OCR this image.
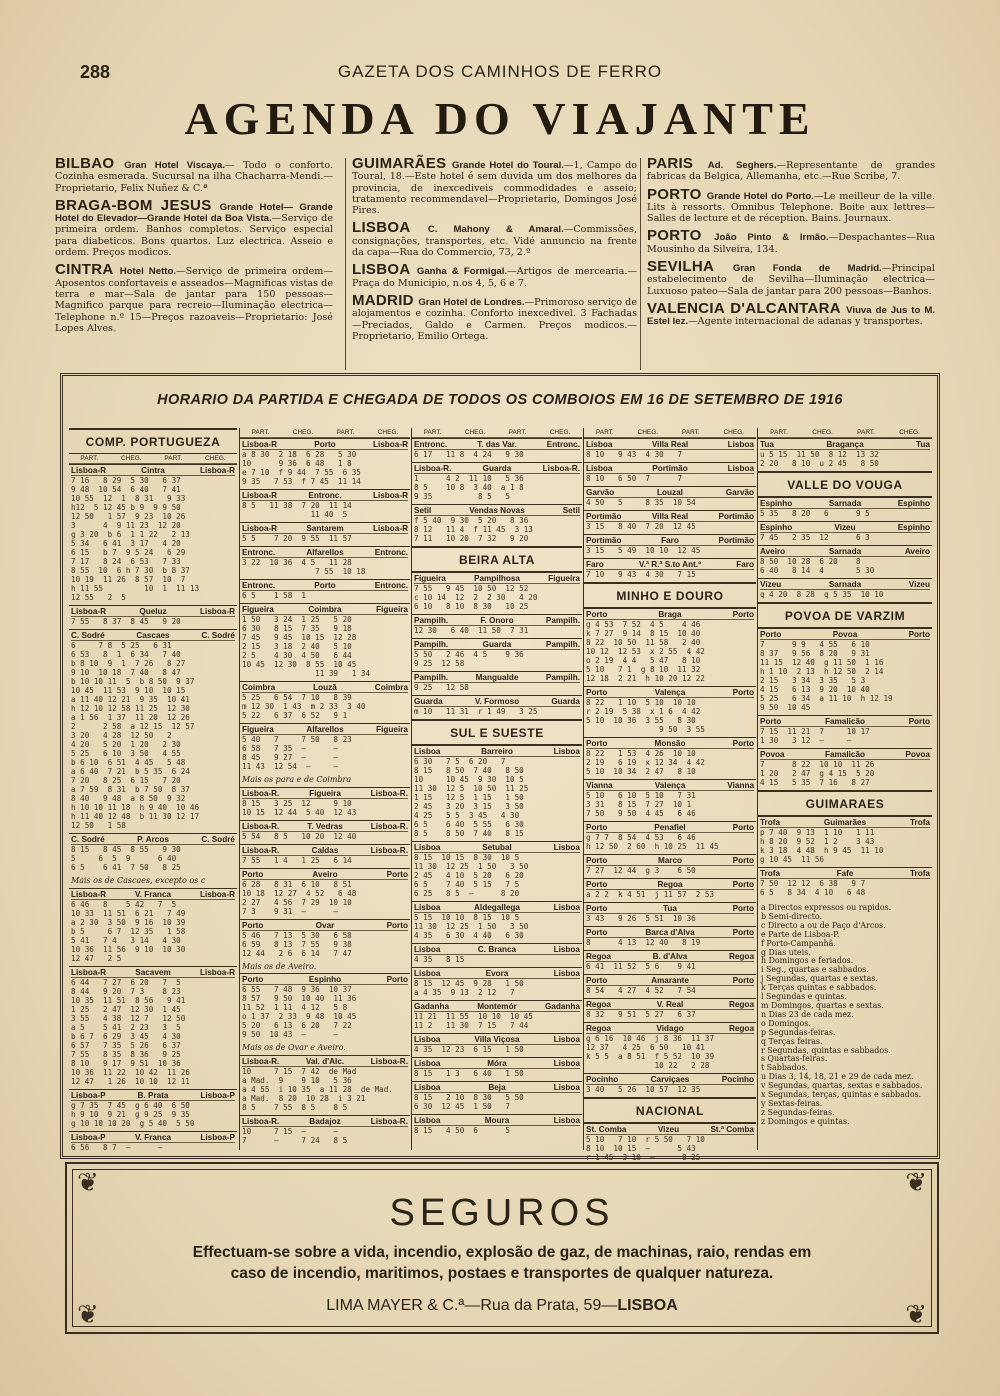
288	GAZETA DOS CAMINHOS DE FERRO
AGENDA DO VIAJANTE
BILBAO Gran Hotel Viscaya.— Todo o conforto. Cozinha esmerada. Sucursal na ilha Chacharra-Mendi.—Proprietario, Felix Nuñez & C.ª
BRAGA-BOM JESUS Grande Hotel— Grande Hotel do Elevador—Grande Hotel da Boa Vista.—Serviço de primeira ordem. Banhos completos. Serviço especial para diabeticos. Bons quartos. Luz electrica. Asseio e ordem. Preços modicos.
CINTRA Hotel Netto.—Serviço de primeira ordem—Aposentos confortaveis e asseados—Magnificas vistas de terra e mar—Sala de jantar para 150 pessoas—Magnifico parque para recreio—Iluminação electrica—Telephone n.º 15—Preços razoaveis—Proprietario: José Lopes Alves.
GUIMARÃES Grande Hotel do Toural.—1, Campo do Toural, 18.—Este hotel é sem duvida um dos melhores da provincia, de inexcediveis commodidades e asseio; tratamento recommendavel—Proprietario, Domingos José Pires.
LISBOA C. Mahony & Amaral.—Commissões, consignações, transportes, etc. Vidé annuncio na frente da capa—Rua do Commercio, 73, 2.º
LISBOA Ganha & Formigal.—Artigos de mercearia.—Praça do Municipio, n.os 4, 5, 6 e 7.
MADRID Gran Hotel de Londres.—Primoroso serviço de alojamentos e cozinha. Conforto inexcedivel. 3 Fachadas—Preciados, Galdo e Carmen. Preços modicos.—Proprietario, Emilio Ortega.
PARIS Ad. Seghers.—Representante de grandes fabricas da Belgica, Allemanha, etc.—Rue Scribe, 7.
PORTO Grande Hotel do Porto.—Le meilleur de la ville. Lits à ressorts. Omnibus Telephone. Boite aux lettres—Salles de lecture et de réception. Bains. Journaux.
PORTO João Pinto & Irmão.—Despachantes—Rua Mousinho da Silveira, 134.
SEVILHA Gran Fonda de Madrid.—Principal estabelecimento de Sevilha—Iluminação electrica—Luxuoso pateo—Sala de jantar para 200 pessoas—Banhos.
VALENCIA D'ALCANTARA Viuva de Jus to M. Estel lez.—Agente internacional de adanas y transportes.
HORARIO DA PARTIDA E CHEGADA DE TODOS OS COMBOIOS EM 16 DE SETEMBRO DE 1916
COMP. PORTUGUEZA
PART.	CHEG.	PART.	CHEG.
Lisboa-R	Cintra	Lisboa-R
7 16   8 29  5 30   6 37
9 48  10 54  6 40   7 41
10 55  12  1  8 31   9 33
h12  5 12 45 b 9  9 9 50
12 50   1 57  9 23  10 26
3      4  9 11 23  12 20
g 3 20  b 6  1 1 22   2 13
5 34   6 41  3 17   4 20
6 15   b 7  9 5 24   6 29
7 17   8 24  6 53   7 33
8 55  10  6 h 7 30  b 8 37
10 19  11 26  8 57  10  7
h 11 55         10  1  11 13
12 55   2  5
Lisboa-R	Queluz	Lisboa-R
7 55   8 37  8 45   9 20
C. Sodré	Cascaes	C. Sodré
6     7 8  5 25   6 31
6 53   8  1  6 34   7 40
b 8 10  9  1  7 26   8 27
9 10  10 18  7 40   8 47
b 10 10 11  5  b 8 50  9 37
10 45  11 53  9 10  10 15
a 11 40 12 21  9 35  10 41
h 12 10 12 58 11 25  12 30
a 1 56  1 37  11 20  12 26
2      2 58  a 12 15  12 57
3 20   4 28  12 50   2
4 20   5 20  1 20   2 30
5 25   6 10  3 50   4 55
b 6 10  6 51  4 45   5 48
a 6 40  7 21  b 5 35  6 24
7 20   8 25  6 15   7 20
a 7 59  8 31  b 7 50  8 37
8 40   9 48  a 8 50  9 32
h 10 10 11 18  h 9 40  10 46
h 11 40 12 48  b 11 30 12 17
12 50   1 58
C. Sodré	P. Arcos	C. Sodré
8 15   8 45  8 55   9 30
5     6  5  9      6 40
6 5    6 41  7 50   8 25
Mais os de Cascaes, excepto os c
Lisboa-R	V. Franca	Lisboa-R
6 46   8    5 42   7  5
10 33  11 51  6 21   7 49
a 2 30  3 50  9 16  10 39
b 5     6 7  12 35   1 58
5 41   7 4   3 14   4 30
10 36  11 56  9 10  10 30
12 47   2 5
Lisboa-R	Sacavem	Lisboa-R
6 44   7 27  6 20   7  5
8 44   9 20  7 3    8 23
10 35  11 51  8 56   9 41
1 25   2 47  12 30  1 45
3 55   4 38  12 7   12 50
a 5    5 41  2 23   3  5
b 6 7  6 29  3 45   4 30
6 57   7 35  5 26   6 37
7 55   8 35  8 36   9 25
8 10   9 17  9 51  10 36
10 36  11 22  10 42  11 26
12 47   1 26  10 10  12 11
Lisboa-P	B. Prata	Lisboa-P
g 7 35  7 45  g 6 40  6 50
h 9 10  9 21  g 9 25  9 35
g 10 10 10 20  g 5 40  5 50
Lisboa-P	V. Franca	Lisboa-P
6 56   8 7  —      —
PART.	CHEG.	PART.	CHEG.
Lisboa-R	Porto	Lisboa-R
a 8 30  2 18  6 28   5 30
10      9 36  6 48   1 8
e 7 10  f 9 44  7 55  6 35
9 35   7 53  f 7 45  11 14
Lisboa-R	Entronc.	Lisboa-R
8 5   11 38  7 20  11 14
11 40  5
Lisboa-R	Santarem	Lisboa-R
5 5    7 20  9 55  11 57
Entronc.	Alfarellos	Entronc.
3 22  10 36  4 5   11 28
7 55  10 18
Entronc.	Porto	Entronc.
6 5    1 58  1
Figueira	Coimbra	Figueira
1 50   3 24  1 25   5 20
6 30   8 15  7 35   9 18
7 45   9 45  10 15  12 28
2 15   3 18  2 40   5 10
2 5    4 30  4 50   6 44
10 45  12 30  8 55  10 45
11 39   1 34
Coimbra	Louzã	Coimbra
5 25   6 54  7 10   8 39
m 12 30  1 43  m 2 33  3 40
5 22   6 37  6 52   9 1
Figueira	Alfarellos	Figueira
5 40   7     7 50   8 23
6 58   7 35  —      —
8 45   9 27  —      —
11 43  12 54  —     —
Mais os para e de Coimbra
Lisboa-R.	Figueira	Lisboa-R.
8 15   3 25  12     9 10
10 15  12 44  5 40  12 43
Lisboa-R.	T. Vedras	Lisboa-R.
5 54   8 5   10 20  12 40
Lisboa-R.	Caldas	Lisboa-R.
7 55   1 4   1 25   6 14
Porto	Aveiro	Porto
6 28   8 31  6 10   8 51
10 18  12 27  4 52   6 48
2 27   4 56  7 29  10 10
7 3    9 31  —      —
Porto	Ovar	Porto
5 46   7 13  5 30   6 58
6 59   8 13  7 55   9 38
12 44   2 6  6 14   7 47
Mais os de Aveiro.
Porto	Espinho	Porto
6 55   7 48  9 36  10 37
8 57   9 50  10 40  11 36
11 52  1 11  4 12   5 8
o 1 37  2 33  9 48  10 45
5 20   6 13  6 20   7 22
9 50  10 43  —      —
Mais os de Ovar e Aveiro.
Lisboa-R.	Val. d'Alc.	Lisboa-R.
10     7 15  7 42  de Mad
a Mad.  9    9 10   5 36
a 4 55  i 10 35  a 11 28  de Mad.
a Mad.  8 20  10 28  i 3 21
8 5    7 55  8 5    8 5
Lisboa-R.	Badajoz	Lisboa-R.
10     7 15  —      —
7      —     7 24   8 5
PART.	CHEG.	PART.	CHEG.
Entronc.	T. das Var.	Entronc.
6 17   11 8  4 24   9 30
Lisboa-R.	Guarda	Lisboa-R.
1      4 2  11 10   5 36
8 5    10 8  3 40  a 1 8
9 35          8 5   5
Setil	Vendas Novas	Setil
f 5 40  9 30  5 20   8 36
8 12   11 4  f 11 45  3 13
7 11   10 20  7 32   9 20
BEIRA ALTA
Figueira	Pampilhosa	Figueira
7 55   9 45  10 50  12 52
c 10 14  12  2  2 30   4 20
6 10   8 10  8 30   10 25
Pampilh.	F. Onoro	Pampilh.
12 30   6 40  11 50  7 31
Pampilh.	Guarda	Pampilh.
5 50   2 46  4 5    9 36
9 25  12 58
Pampilh.	Mangualde	Pampilh.
9 25   12 58
Guarda	V. Formoso	Guarda
m 10   11 31  r 1 49   3 25
SUL E SUESTE
Lisboa	Barreiro	Lisboa
6 30   7 5  6 20   7
8 15   8 50  7 40   8 50
10     10 45  9 30  10 5
11 30  12 5  10 50  11 25
1 15   12 5  1 15   1 50
2 45   3 20  3 15   3 50
4 25   5 5  3 45   4 30
6 5    6 40  5 55   6 30
8 5    8 50  7 40   8 15
Lisboa	Setubal	Lisboa
8 15  10 15  8 30  10 5
11 30  12 25  1 50   3 50
2 45   4 10  5 20   6 20
6 5    7 40  5 15   7 5
6 25   8 5  —      8 20
Lisboa	Aldegallega	Lisboa
5 15  10 10  8 15  10 5
11 30  12 25  1 50   3 50
4 35   6 30  4 40   6 30
Lisboa	C. Branca	Lisboa
4 35   8 15
Lisboa	Evora	Lisboa
8 15  12 45  9 28   1 50
a 4 35  9 13  2 12   7
Gadanha	Montemór	Gadanha
11 21  11 55  10 10  10 45
11 2   11 30  7 15   7 44
Lisboa	Villa Viçosa	Lisboa
4 35  12 23  6 15   1 50
Lisboa	Móra	Lisboa
8 15   1 3   6 40   1 50
Lisboa	Beja	Lisboa
8 15   2 10  8 30   5 50
6 30  12 45  1 50   7
Lisboa	Moura	Lisboa
8 15   4 50  6      5
PART.	CHEG.	PART.	CHEG.
Lisboa	Villa Real	Lisboa
8 10   9 43  4 30   7
Lisboa	Portimão	Lisboa
8 10   6 50  7      7
Garvão	Louzal	Garvão
4 50   5     8 35  10 54
Portimão	Villa Real	Portimão
3 15   8 40  7 20  12 45
Portimão	Faro	Portimão
3 15   5 49  10 10  12 45
Faro	V.ª R.ª S.to Ant.º	Faro
7 10   9 43  4 30   7 15
MINHO E DOURO
Porto	Braga	Porto
g 4 53  7 52  4 5    4 46
k 7 27  9 14  8 15  10 40
8 22  10 50  11 58   2 40
10 12  12 53  x 2 55  4 42
o 2 19  4 4   5 47   8 10
5 10   7 1  g 8 10  11 32
12 18  2 21  h 10 20 12 22
Porto	Valença	Porto
8 22   1 10  5 10  10 10
r 2 19  5 38  x 1 6  4 42
5 10  10 36  3 55   8 30
9 50  3 55
Porto	Monsão	Porto
8 22   1 53  4 26  10 10
2 19   6 19  x 12 34  4 42
5 10  10 34  2 47   8 10
Vianna	Valença	Vianna
5 10   6 10  5 10   7 31
3 31   8 15  7 27  10 1
7 50   9 50  4 45   6 46
Porto	Penafiel	Porto
g 7 7  8 54  4 53   6 46
h 12 50  2 60  h 10 25  11 45
Porto	Marco	Porto
7 27  12 44  g 3    6 50
Porto	Regoa	Porto
a 2 2  k 4 51  j 11 57  2 53
Porto	Tua	Porto
3 43   9 26  5 51  10 36
Porto	Barca d'Alva	Porto
8      4 13  12 40   8 19
Regoa	B. d'Alva	Regoa
6 41  11 52  5 6    9 41
Porto	Amarante	Porto
8 54   4 27  4 52   7 54
Regoa	V. Real	Regoa
8 32   9 51  5 27   6 37
Regoa	Vidago	Regoa
g 6 16  10 46  j 8 36  11 37
12 37   4 25  6 50   10 41
k 5 5  a 8 51  f 5 52  10 39
10 22   2 28
Pocinho	Carviçaes	Pocinho
3 40   5 26  10 57  12 35
NACIONAL
St. Comba	Vizeu	St.ª Comba
5 10   7 10  r 5 50   7 10
8 10  10 15  —      5 43
r 1 45  3 10  —      8 25
PART.	CHEG.	PART.	CHEG.
Tua	Bragança	Tua
u 5 15  11 50  8 12  13 32
2 20   8 10  u 2 45   8 50
VALLE DO VOUGA
Espinho	Sarnada	Espinho
5 35   8 20   6      9 5
Espinho	Vizeu	Espinho
7 45   2 35  12      6 3
Aveiro	Sarnada	Aveiro
8 50  10 28  6 20    8
6 40   8 14  4       5 30
Vizeu	Sarnada	Vizeu
q 4 20  8 28  q 5 35  10 10
POVOA DE VARZIM
Porto	Povoa	Porto
7      9 9   4 55   6 10
8 37   9 56  8 20   9 31
11 15  12 40  g 11 50  1 16
h 1 10  2 13  h 12 50  2 14
2 15   3 34  3 35   5 3
4 15   6 13  9 20  10 40
5 25   6 34  a 11 10  h 12 19
9 50  10 45
Porto	Famalicão	Porto
7 15  11 21  7     10 17
1 30   3 12  —     —
Povoa	Famalicão	Povoa
7      8 22  10 10  11 26
1 20   2 47  g 4 15  5 20
4 15   5 35  7 16   8 27
GUIMARAES
Trofa	Guimarães	Trofa
p 7 40  9 13  1 10   1 11
h 8 20  9 52  1 2    3 43
k 3 18  4 48  h 9 45  11 10
g 10 45  11 56
Trofa	Fafe	Trofa
7 50  12 12  6 38   9 7
6 5   8 34  4 10   6 48
a Directos expressos ou rapidos.
b Semi-directo.
c Directo a ou de Paço d'Arcos.
e Parte de Lisboa-P.
f Porto-Campanhã.
g Dias uteis.
h Domingos e feriados.
i Seg., quartas e sabbados.
j Segundas, quartas e sextas.
k Terças quintas e sabbados.
l Segundas e quintas.
m Domingos, quartas e sextas.
n Dias 23 de cada mez.
o Domingos.
p Segundas-feiras.
q Terças feiras.
r Segundas, quintas e sabbados.
s Quartas-feiras.
t Sabbados.
u Dias 3, 14, 18, 21 e 29 de cada mez.
v Segundas, quartas, sextas e sabbados.
x Segundas, terças, quintas e sabbados.
y Sextas-feiras.
z Segundas-feiras.
z Domingos e quintas.
❦	❦
❦	❦
SEGUROS
Effectuam-se sobre a vida, incendio, explosão de gaz, de machinas, raio, rendas em
caso de incendio, maritimos, postaes e transportes de qualquer natureza.
LIMA MAYER & C.ª—Rua da Prata, 59—LISBOA
